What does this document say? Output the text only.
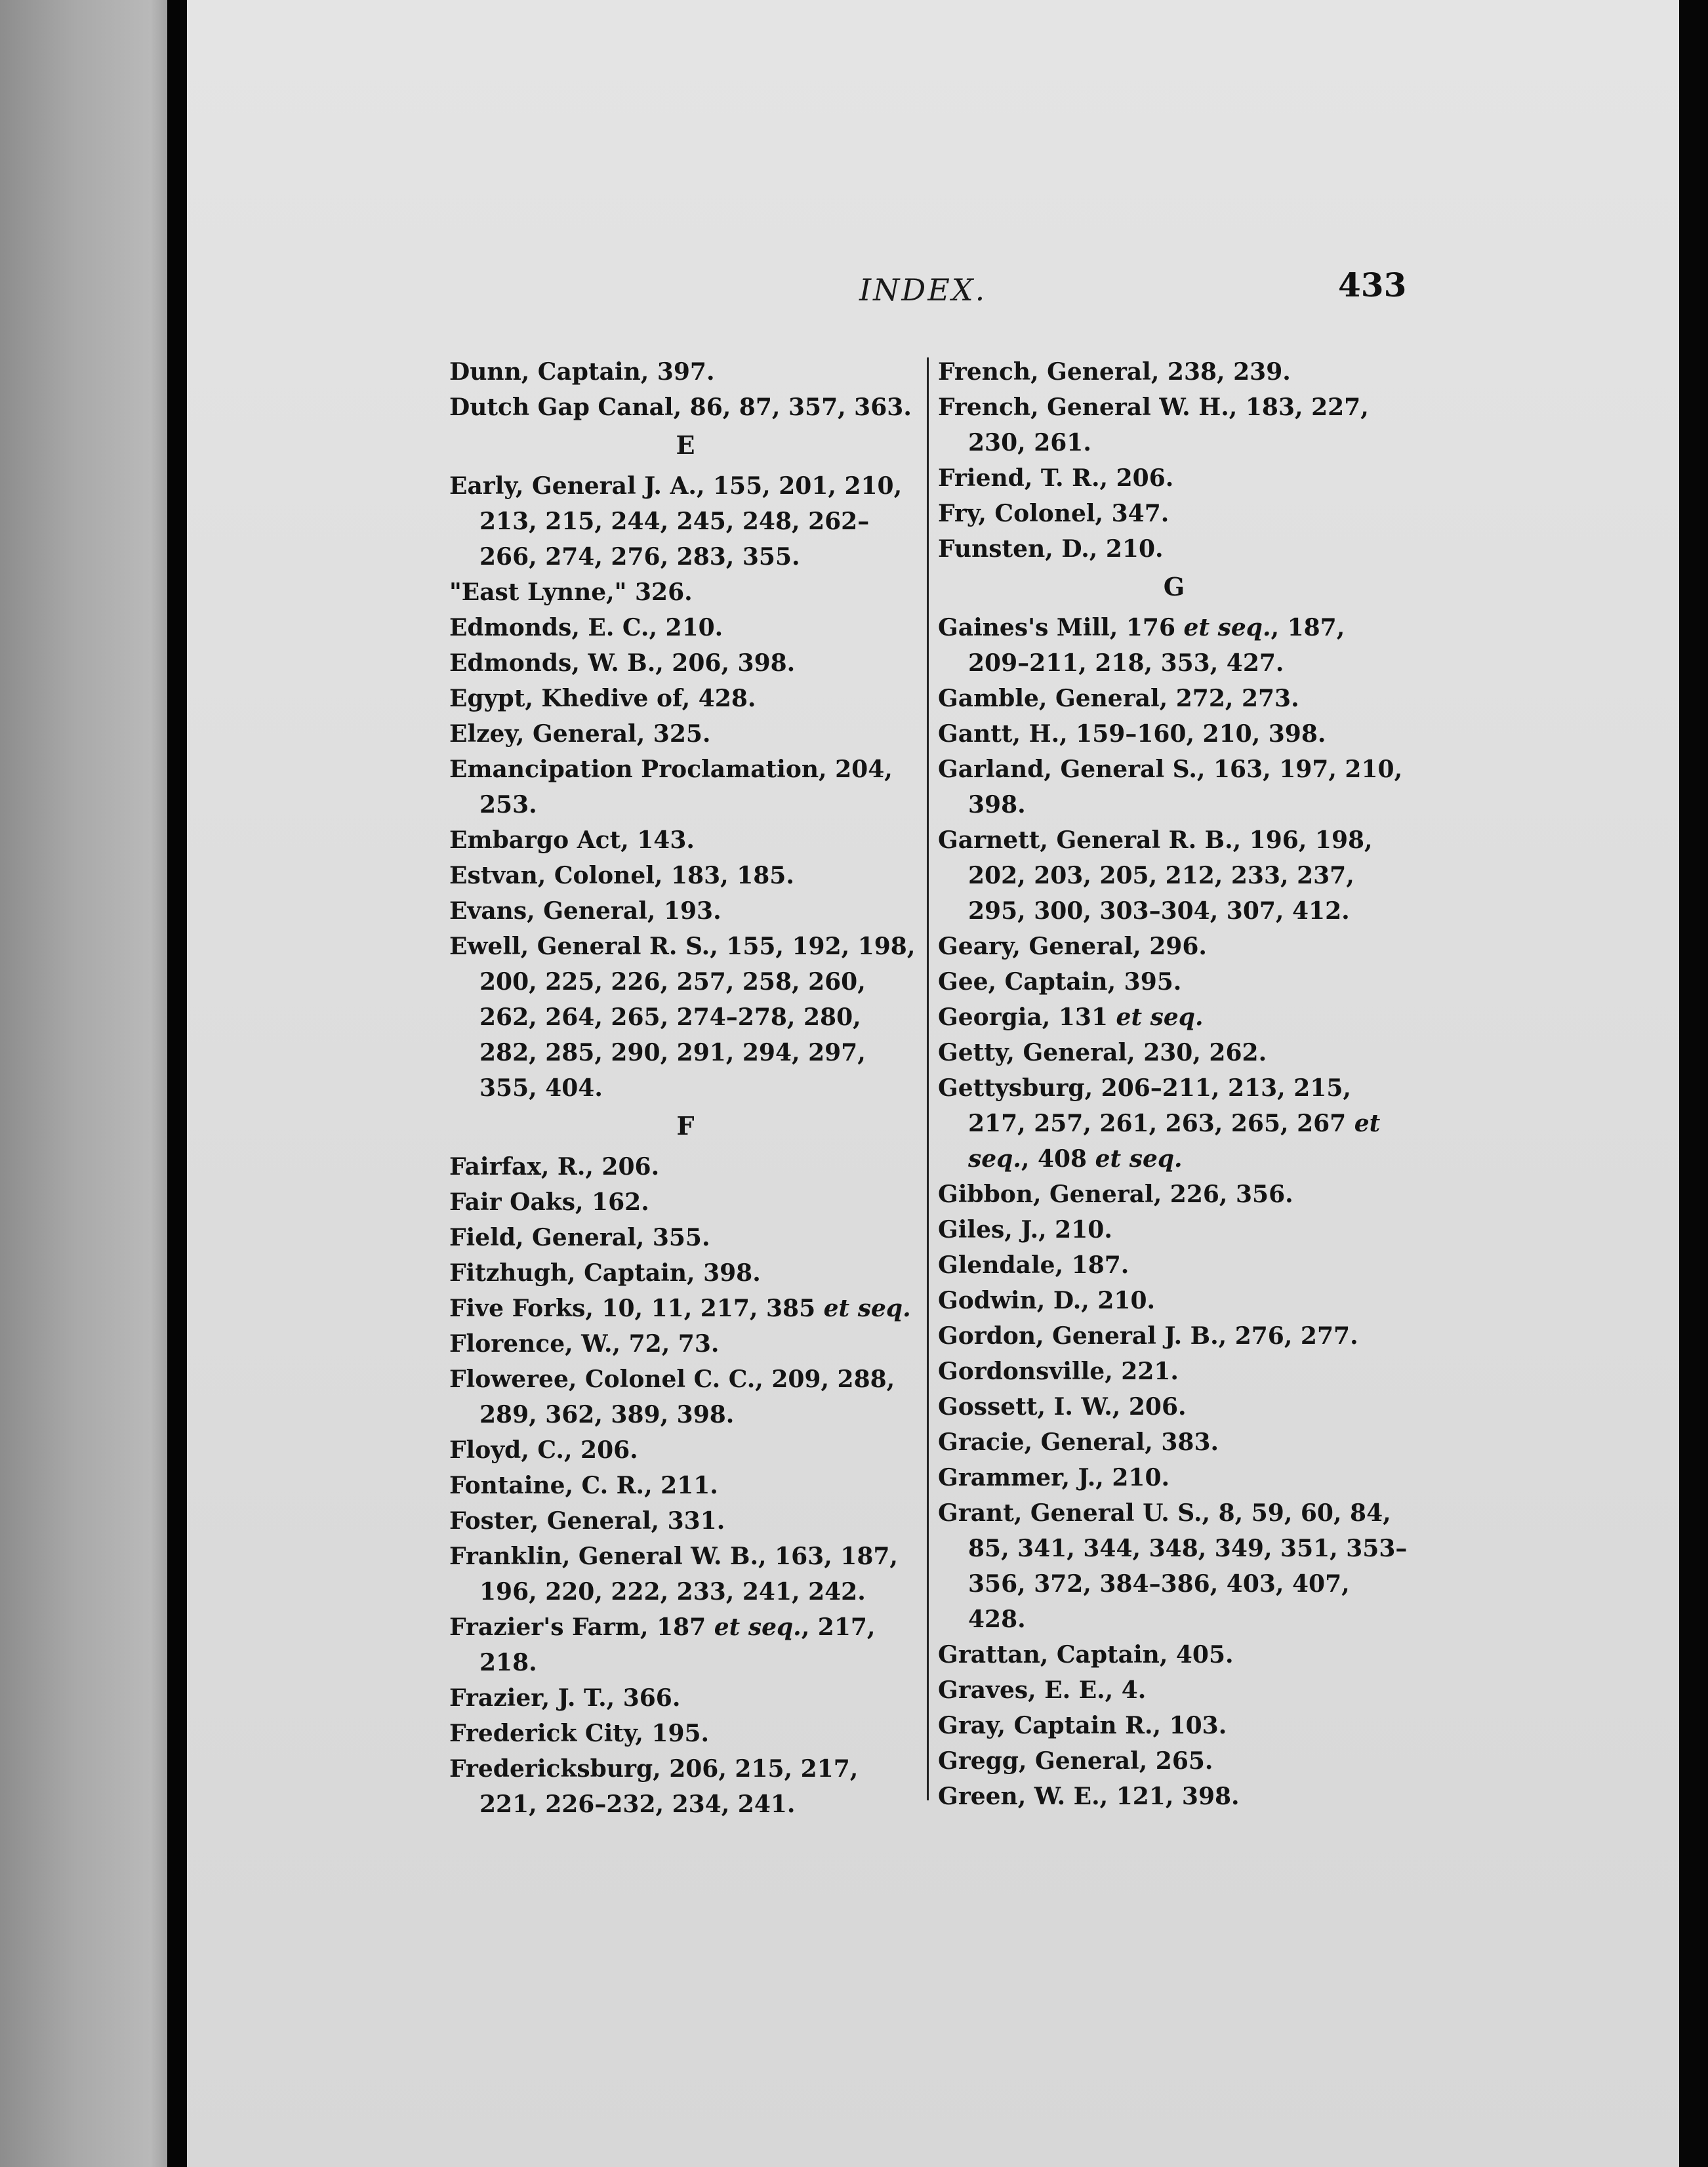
INDEX.	433
Dunn, Captain, 397.
Dutch Gap Canal, 86, 87, 357, 363.
E
Early, General J. A., 155, 201, 210, 213, 215, 244, 245, 248, 262–266, 274, 276, 283, 355.
"East Lynne," 326.
Edmonds, E. C., 210.
Edmonds, W. B., 206, 398.
Egypt, Khedive of, 428.
Elzey, General, 325.
Emancipation Proclamation, 204, 253.
Embargo Act, 143.
Estvan, Colonel, 183, 185.
Evans, General, 193.
Ewell, General R. S., 155, 192, 198, 200, 225, 226, 257, 258, 260, 262, 264, 265, 274–278, 280, 282, 285, 290, 291, 294, 297, 355, 404.
F
Fairfax, R., 206.
Fair Oaks, 162.
Field, General, 355.
Fitzhugh, Captain, 398.
Five Forks, 10, 11, 217, 385 et seq.
Florence, W., 72, 73.
Floweree, Colonel C. C., 209, 288, 289, 362, 389, 398.
Floyd, C., 206.
Fontaine, C. R., 211.
Foster, General, 331.
Franklin, General W. B., 163, 187, 196, 220, 222, 233, 241, 242.
Frazier's Farm, 187 et seq., 217, 218.
Frazier, J. T., 366.
Frederick City, 195.
Fredericksburg, 206, 215, 217, 221, 226–232, 234, 241.
French, General, 238, 239.
French, General W. H., 183, 227, 230, 261.
Friend, T. R., 206.
Fry, Colonel, 347.
Funsten, D., 210.
G
Gaines's Mill, 176 et seq., 187, 209–211, 218, 353, 427.
Gamble, General, 272, 273.
Gantt, H., 159–160, 210, 398.
Garland, General S., 163, 197, 210, 398.
Garnett, General R. B., 196, 198, 202, 203, 205, 212, 233, 237, 295, 300, 303–304, 307, 412.
Geary, General, 296.
Gee, Captain, 395.
Georgia, 131 et seq.
Getty, General, 230, 262.
Gettysburg, 206–211, 213, 215, 217, 257, 261, 263, 265, 267 et seq., 408 et seq.
Gibbon, General, 226, 356.
Giles, J., 210.
Glendale, 187.
Godwin, D., 210.
Gordon, General J. B., 276, 277.
Gordonsville, 221.
Gossett, I. W., 206.
Gracie, General, 383.
Grammer, J., 210.
Grant, General U. S., 8, 59, 60, 84, 85, 341, 344, 348, 349, 351, 353–356, 372, 384–386, 403, 407, 428.
Grattan, Captain, 405.
Graves, E. E., 4.
Gray, Captain R., 103.
Gregg, General, 265.
Green, W. E., 121, 398.
